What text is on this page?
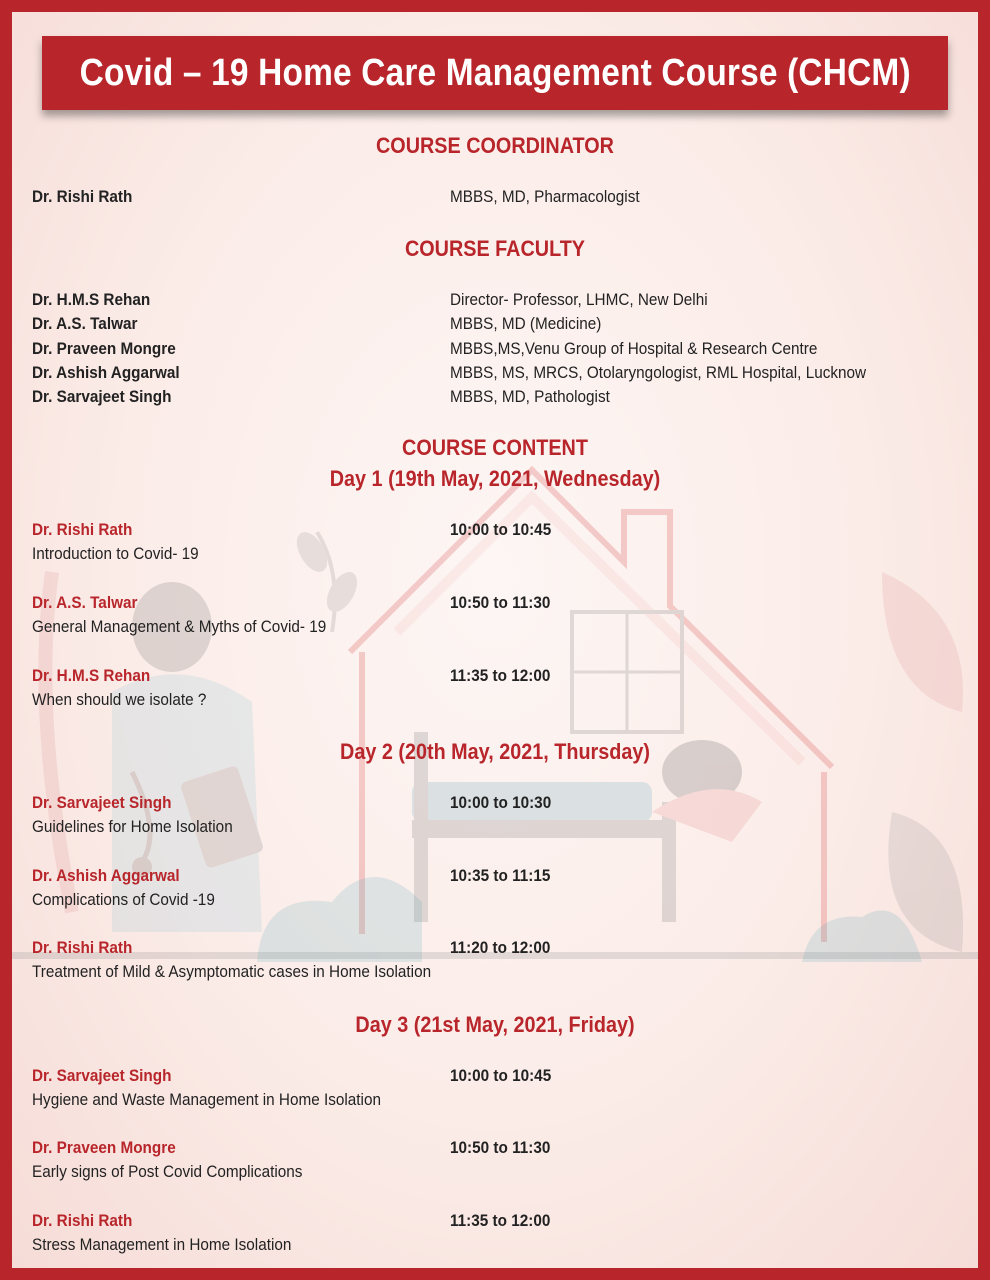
Covid – 19 Home Care Management Course (CHCM)
COURSE COORDINATOR
Dr. Rishi Rath	MBBS, MD, Pharmacologist
COURSE FACULTY
Dr. H.M.S Rehan	Director- Professor, LHMC, New Delhi
Dr. A.S. Talwar	MBBS, MD (Medicine)
Dr. Praveen Mongre	MBBS,MS,Venu Group of Hospital & Research Centre
Dr. Ashish Aggarwal	MBBS, MS, MRCS, Otolaryngologist, RML Hospital, Lucknow
Dr. Sarvajeet Singh	MBBS, MD, Pathologist
COURSE CONTENT
Day 1 (19th May, 2021, Wednesday)
Dr. Rishi Rath	10:00 to 10:45
Introduction to Covid- 19
Dr. A.S. Talwar	10:50 to 11:30
General Management & Myths of Covid- 19
Dr. H.M.S Rehan	11:35 to 12:00
When should we isolate ?
Day 2 (20th May, 2021, Thursday)
Dr. Sarvajeet Singh	10:00 to 10:30
Guidelines for Home Isolation
Dr. Ashish Aggarwal	10:35 to 11:15
Complications of Covid -19
Dr. Rishi Rath	11:20 to 12:00
Treatment of Mild & Asymptomatic cases in Home Isolation
Day 3 (21st May, 2021, Friday)
Dr. Sarvajeet Singh	10:00 to 10:45
Hygiene and Waste Management in Home Isolation
Dr. Praveen Mongre	10:50 to 11:30
Early signs of Post Covid Complications
Dr. Rishi Rath	11:35 to 12:00
Stress Management in Home Isolation
